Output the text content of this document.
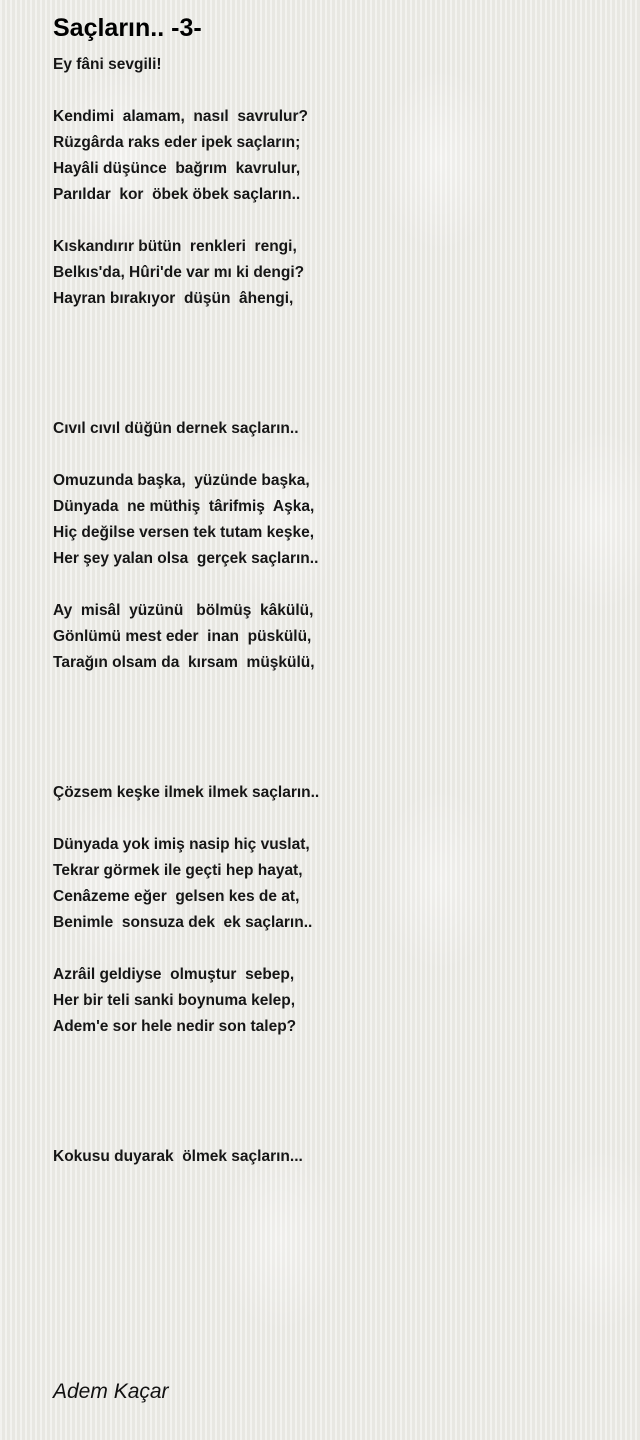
Saçların.. -3-
Ey fâni sevgili!
Kendimi  alamam,  nasıl  savrulur?
Rüzgârda raks eder ipek saçların;
Hayâli düşünce  bağrım  kavrulur,
Parıldar  kor  öbek öbek saçların..
Kıskandırır bütün  renkleri  rengi,
Belkıs'da, Hûri'de var mı ki dengi?
Hayran bırakıyor  düşün  âhengi,
Cıvıl cıvıl düğün dernek saçların..
Omuzunda başka,  yüzünde başka,
Dünyada  ne müthiş  târifmiş  Aşka,
Hiç değilse versen tek tutam keşke,
Her şey yalan olsa  gerçek saçların..
Ay  misâl  yüzünü   bölmüş  kâkülü,
Gönlümü mest eder  inan  püskülü,
Tarağın olsam da  kırsam  müşkülü,
Çözsem keşke ilmek ilmek saçların..
Dünyada yok imiş nasip hiç vuslat,
Tekrar görmek ile geçti hep hayat,
Cenâzeme eğer  gelsen kes de at,
Benimle  sonsuza dek  ek saçların..
Azrâil geldiyse  olmuştur  sebep,
Her bir teli sanki boynuma kelep,
Adem'e sor hele nedir son talep?
Kokusu duyarak  ölmek saçların...
Adem Kaçar
